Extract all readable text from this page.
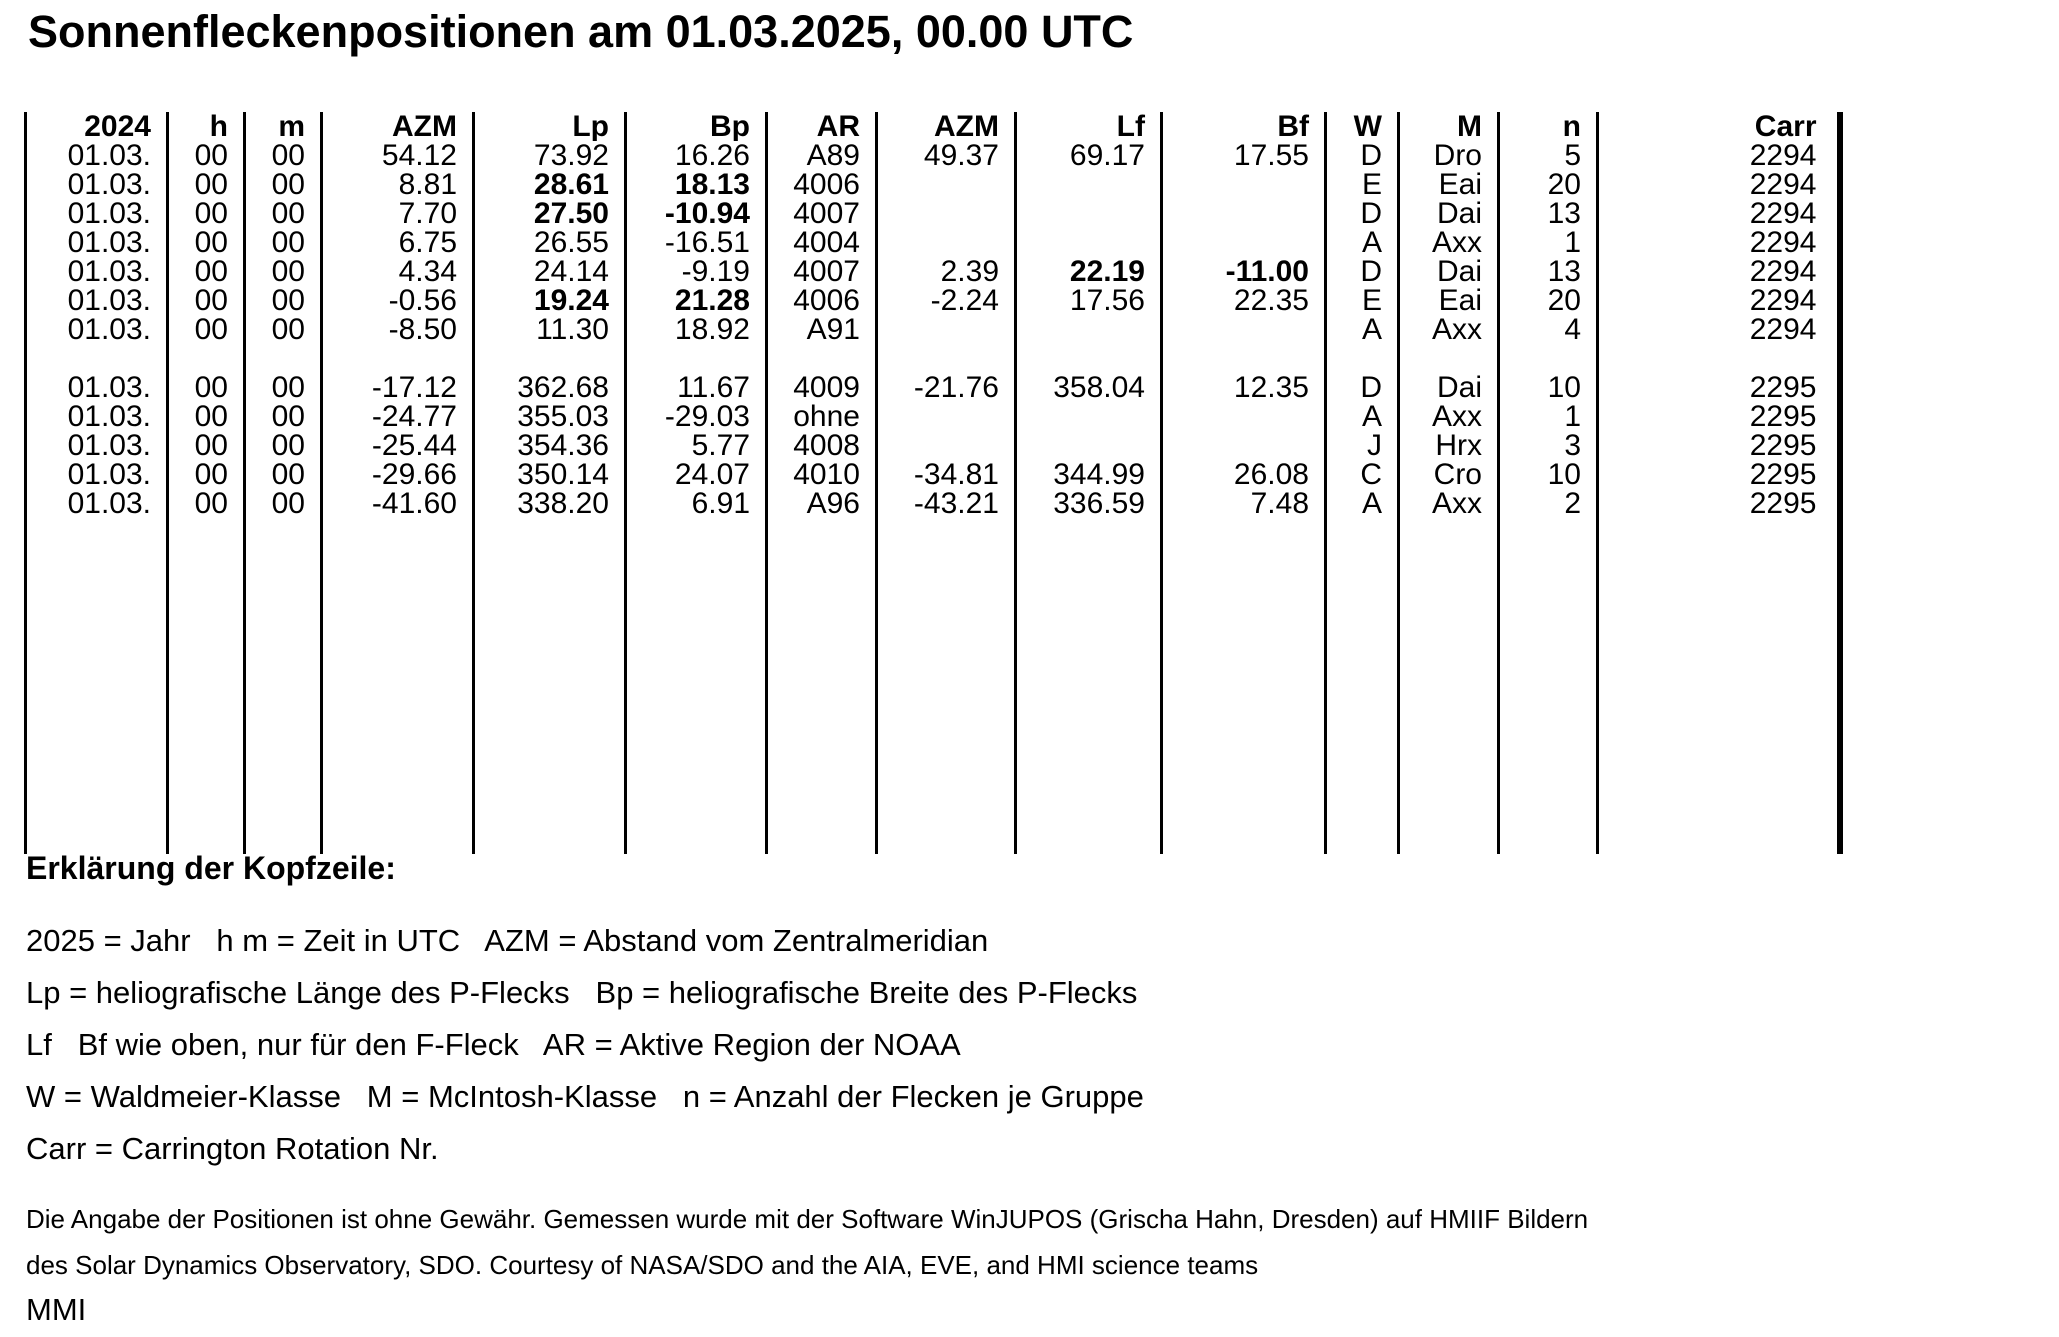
Sonnenfleckenpositionen am 01.03.2025, 00.00 UTC
2024	h	m	AZM	Lp	Bp	AR	AZM	Lf	Bf	W	M	n	Carr
01.03.	00	00	54.12	73.92	16.26	A89	49.37	69.17	17.55	D	Dro	5	2294
01.03.	00	00	8.81	28.61	18.13	4006				E	Eai	20	2294
01.03.	00	00	7.70	27.50	-10.94	4007				D	Dai	13	2294
01.03.	00	00	6.75	26.55	-16.51	4004				A	Axx	1	2294
01.03.	00	00	4.34	24.14	-9.19	4007	2.39	22.19	-11.00	D	Dai	13	2294
01.03.	00	00	-0.56	19.24	21.28	4006	-2.24	17.56	22.35	E	Eai	20	2294
01.03.	00	00	-8.50	11.30	18.92	A91				A	Axx	4	2294

01.03.	00	00	-17.12	362.68	11.67	4009	-21.76	358.04	12.35	D	Dai	10	2295
01.03.	00	00	-24.77	355.03	-29.03	ohne				A	Axx	1	2295
01.03.	00	00	-25.44	354.36	5.77	4008				J	Hrx	3	2295
01.03.	00	00	-29.66	350.14	24.07	4010	-34.81	344.99	26.08	C	Cro	10	2295
01.03.	00	00	-41.60	338.20	6.91	A96	-43.21	336.59	7.48	A	Axx	2	2295

Erklärung der Kopfzeile:
2025 = Jahr   h m = Zeit in UTC   AZM = Abstand vom Zentralmeridian
Lp = heliografische Länge des P-Flecks   Bp = heliografische Breite des P-Flecks
Lf   Bf wie oben, nur für den F-Fleck   AR = Aktive Region der NOAA
W = Waldmeier-Klasse   M = McIntosh-Klasse   n = Anzahl der Flecken je Gruppe
Carr = Carrington Rotation Nr.
Die Angabe der Positionen ist ohne Gewähr. Gemessen wurde mit der Software WinJUPOS (Grischa Hahn, Dresden) auf HMIIF Bildern
des Solar Dynamics Observatory, SDO. Courtesy of NASA/SDO and the AIA, EVE, and HMI science teams
MMI
